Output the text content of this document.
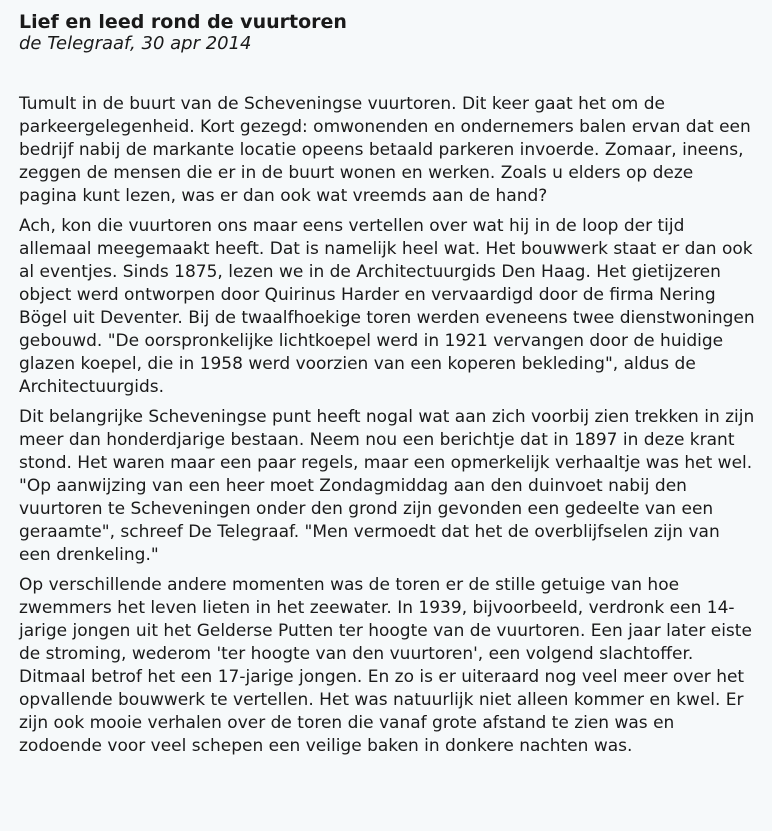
Lief en leed rond de vuurtoren
de Telegraaf, 30 apr 2014

Tumult in de buurt van de Scheveningse vuurtoren. Dit keer gaat het om de parkeergelegenheid. Kort gezegd: omwonenden en ondernemers balen ervan dat een bedrijf nabij de markante locatie opeens betaald parkeren invoerde. Zomaar, ineens, zeggen de mensen die er in de buurt wonen en werken. Zoals u elders op deze pagina kunt lezen, was er dan ook wat vreemds aan de hand?

Ach, kon die vuurtoren ons maar eens vertellen over wat hij in de loop der tijd allemaal meegemaakt heeft. Dat is namelijk heel wat. Het bouwwerk staat er dan ook al eventjes. Sinds 1875, lezen we in de Architectuurgids Den Haag. Het gietijzeren object werd ontworpen door Quirinus Harder en vervaardigd door de firma Nering Bögel uit Deventer. Bij de twaalfhoekige toren werden eveneens twee dienstwoningen gebouwd. "De oorspronkelijke lichtkoepel werd in 1921 vervangen door de huidige glazen koepel, die in 1958 werd voorzien van een koperen bekleding", aldus de Architectuurgids.

Dit belangrijke Scheveningse punt heeft nogal wat aan zich voorbij zien trekken in zijn meer dan honderdjarige bestaan. Neem nou een berichtje dat in 1897 in deze krant stond. Het waren maar een paar regels, maar een opmerkelijk verhaaltje was het wel. "Op aanwijzing van een heer moet Zondagmiddag aan den duinvoet nabij den vuurtoren te Scheveningen onder den grond zijn gevonden een gedeelte van een geraamte", schreef De Telegraaf. "Men vermoedt dat het de overblijfselen zijn van een drenkeling."

Op verschillende andere momenten was de toren er de stille getuige van hoe zwemmers het leven lieten in het zeewater. In 1939, bijvoorbeeld, verdronk een 14-jarige jongen uit het Gelderse Putten ter hoogte van de vuurtoren. Een jaar later eiste de stroming, wederom 'ter hoogte van den vuurtoren', een volgend slachtoffer. Ditmaal betrof het een 17-jarige jongen. En zo is er uiteraard nog veel meer over het opvallende bouwwerk te vertellen. Het was natuurlijk niet alleen kommer en kwel. Er zijn ook mooie verhalen over de toren die vanaf grote afstand te zien was en zodoende voor veel schepen een veilige baken in donkere nachten was.
